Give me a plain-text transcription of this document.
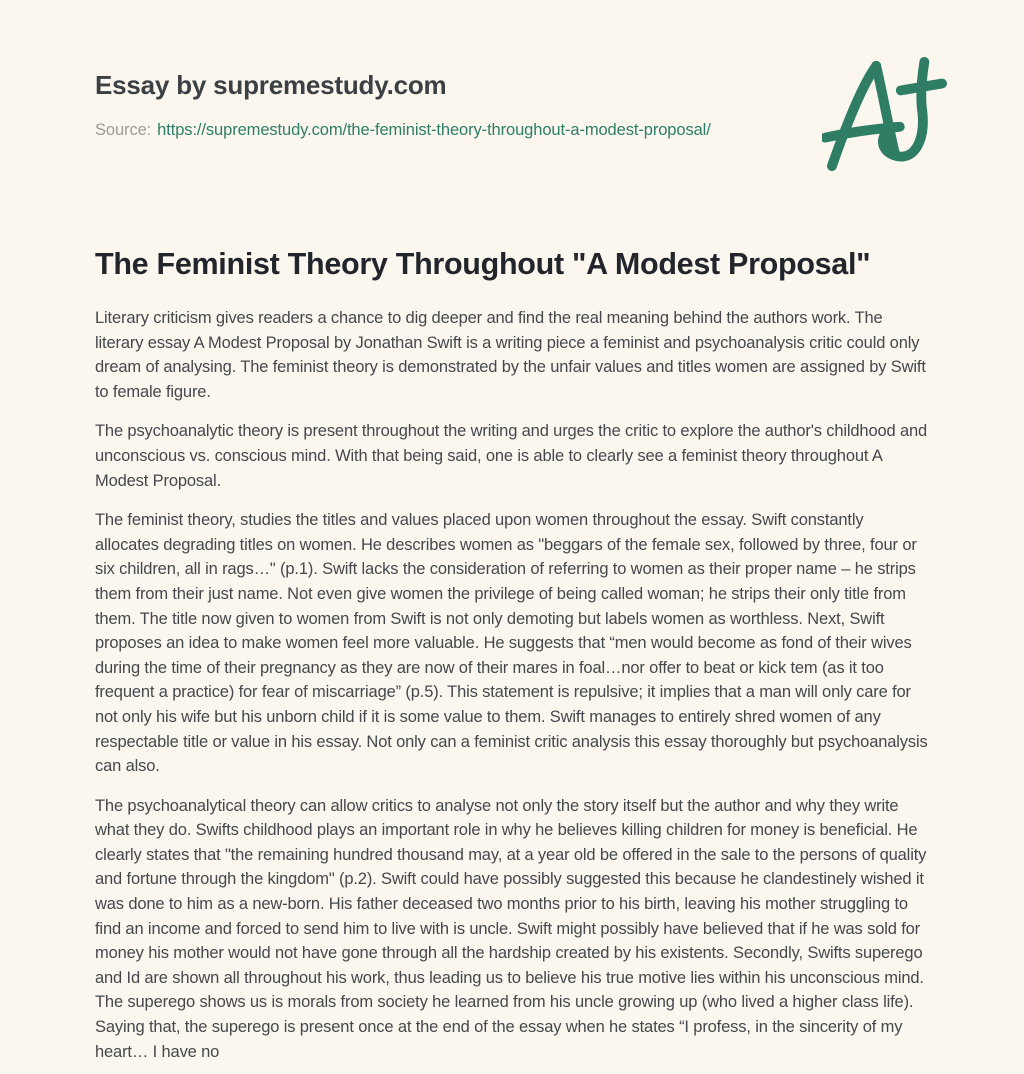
Essay by supremestudy.com

Source: https://supremestudy.com/the-feminist-theory-throughout-a-modest-proposal/

The Feminist Theory Throughout "A Modest Proposal"

Literary criticism gives readers a chance to dig deeper and find the real meaning behind the authors work. The literary essay A Modest Proposal by Jonathan Swift is a writing piece a feminist and psychoanalysis critic could only dream of analysing. The feminist theory is demonstrated by the unfair values and titles women are assigned by Swift to female figure.

The psychoanalytic theory is present throughout the writing and urges the critic to explore the author's childhood and unconscious vs. conscious mind. With that being said, one is able to clearly see a feminist theory throughout A Modest Proposal.

The feminist theory, studies the titles and values placed upon women throughout the essay. Swift constantly allocates degrading titles on women. He describes women as "beggars of the female sex, followed by three, four or six children, all in rags…" (p.1). Swift lacks the consideration of referring to women as their proper name – he strips them from their just name. Not even give women the privilege of being called woman; he strips their only title from them. The title now given to women from Swift is not only demoting but labels women as worthless. Next, Swift proposes an idea to make women feel more valuable. He suggests that “men would become as fond of their wives during the time of their pregnancy as they are now of their mares in foal…nor offer to beat or kick tem (as it too frequent a practice) for fear of miscarriage” (p.5). This statement is repulsive; it implies that a man will only care for not only his wife but his unborn child if it is some value to them. Swift manages to entirely shred women of any respectable title or value in his essay. Not only can a feminist critic analysis this essay thoroughly but psychoanalysis can also.

The psychoanalytical theory can allow critics to analyse not only the story itself but the author and why they write what they do. Swifts childhood plays an important role in why he believes killing children for money is beneficial. He clearly states that "the remaining hundred thousand may, at a year old be offered in the sale to the persons of quality and fortune through the kingdom" (p.2). Swift could have possibly suggested this because he clandestinely wished it was done to him as a new-born. His father deceased two months prior to his birth, leaving his mother struggling to find an income and forced to send him to live with is uncle. Swift might possibly have believed that if he was sold for money his mother would not have gone through all the hardship created by his existents. Secondly, Swifts superego and Id are shown all throughout his work, thus leading us to believe his true motive lies within his unconscious mind. The superego shows us is morals from society he learned from his uncle growing up (who lived a higher class life). Saying that, the superego is present once at the end of the essay when he states “I profess, in the sincerity of my heart… I have no
